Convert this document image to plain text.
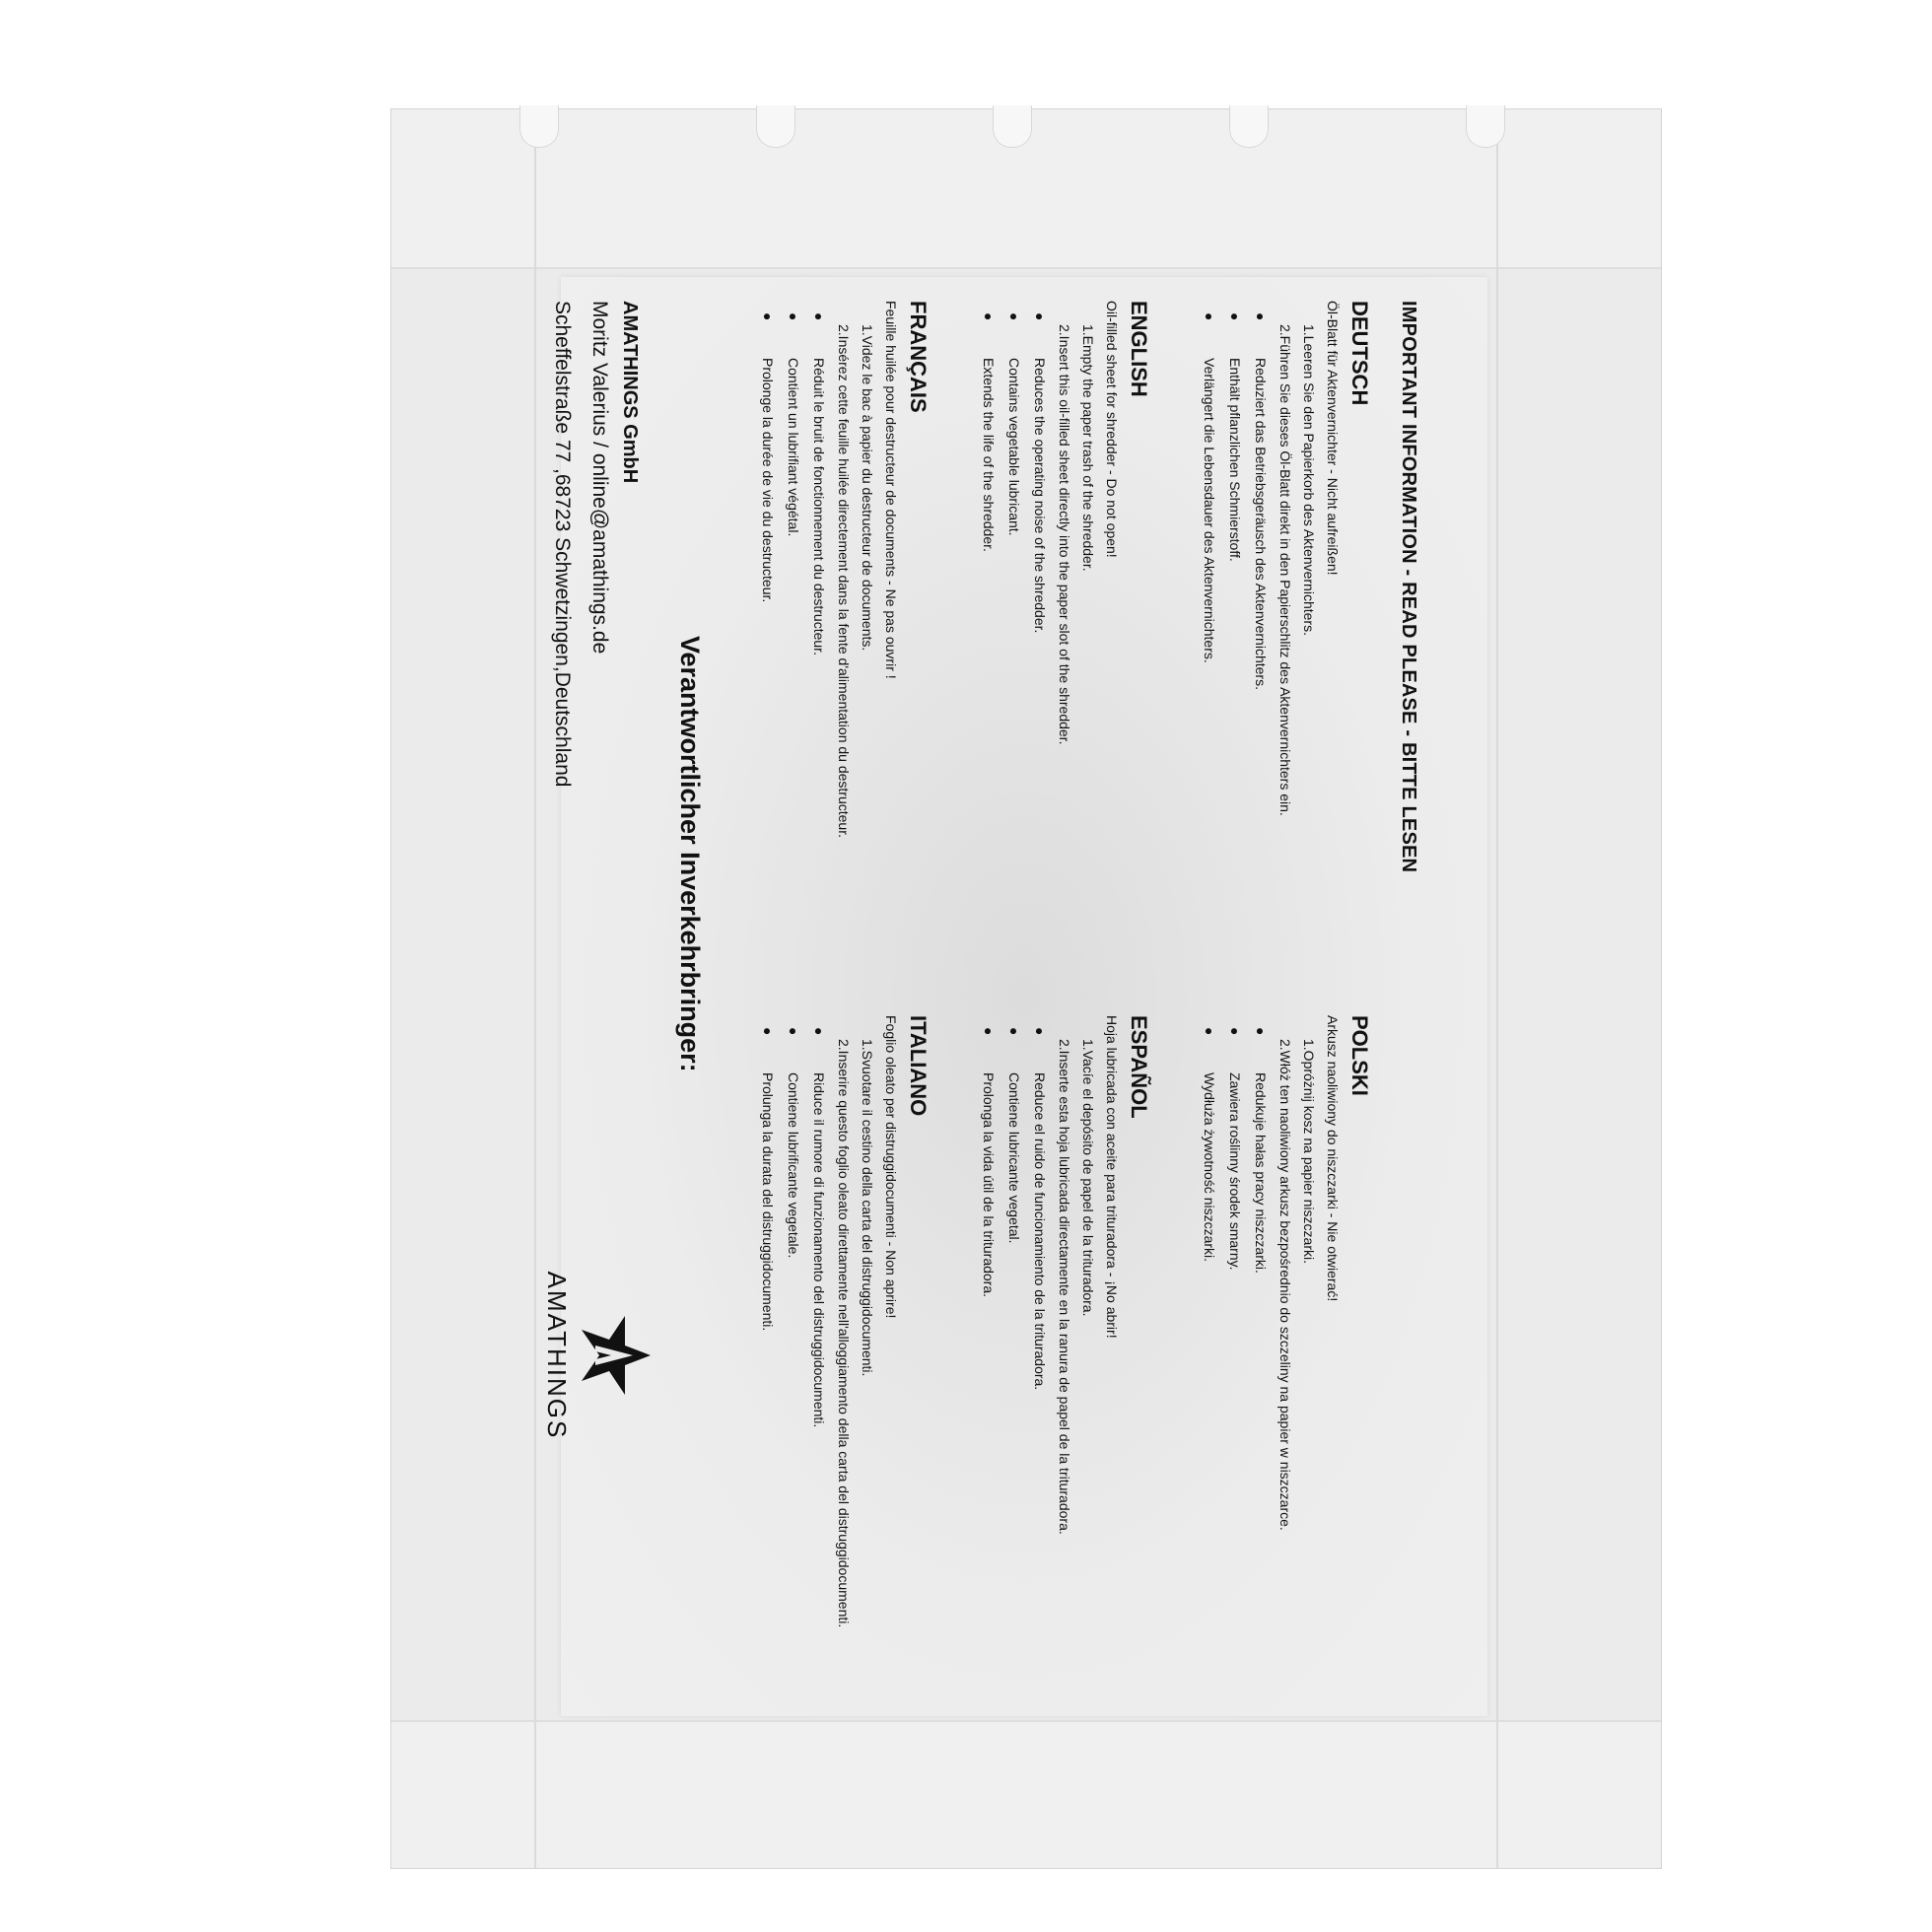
IMPORTANT INFORMATION - READ PLEASE - BITTE LESEN
DEUTSCH
Öl-Blatt für Aktenvernichter - Nicht aufreißen!
1.Leeren Sie den Papierkorb des Aktenvernichters.
2.Führen Sie dieses Öl-Blatt direkt in den Papierschlitz des Aktenvernichters ein.
● Reduziert das Betriebsgeräusch des Aktenvernichters.
● Enthält pflanzlichen Schmierstoff.
● Verlängert die Lebensdauer des Aktenvernichters.
ENGLISH
Oil-filled sheet for shredder - Do not open!
1.Empty the paper trash of the shredder.
2.Insert this oil-filled sheet directly into the paper slot of the shredder.
● Reduces the operating noise of the shredder.
● Contains vegetable lubricant.
● Extends the life of the shredder.
FRANÇAIS
Feuille huilée pour destructeur de documents - Ne pas ouvrir !
1.Videz le bac à papier du destructeur de documents.
2.Insérez cette feuille huilée directement dans la fente d'alimentation du destructeur.
● Réduit le bruit de fonctionnement du destructeur.
● Contient un lubrifiant végétal.
● Prolonge la durée de vie du destructeur.
POLSKI
Arkusz naoliwiony do niszczarki - Nie otwierać!
1.Opróżnij kosz na papier niszczarki.
2.Włóż ten naoliwiony arkusz bezpośrednio do szczeliny na papier w niszczarce.
● Redukuje hałas pracy niszczarki.
● Zawiera roślinny środek smarny.
● Wydłuża żywotność niszczarki.
ESPAÑOL
Hoja lubricada con aceite para trituradora - ¡No abrir!
1.Vacíe el depósito de papel de la trituradora.
2.Inserte esta hoja lubricada directamente en la ranura de papel de la trituradora.
● Reduce el ruido de funcionamiento de la trituradora.
● Contiene lubricante vegetal.
● Prolonga la vida útil de la trituradora.
ITALIANO
Foglio oleato per distruggidocumenti - Non aprire!
1.Svuotare il cestino della carta del distruggidocumenti.
2.Inserire questo foglio oleato direttamente nell'alloggiamento della carta del distruggidocumenti.
● Riduce il rumore di funzionamento del distruggidocumenti.
● Contiene lubrificante vegetale.
● Prolunga la durata del distruggidocumenti.
Verantwortlicher Inverkehrbringer:
AMATHINGS GmbH
Moritz Valerius / online@amathings.de
Scheffelstraße 77 ,68723 Schwetzingen,Deutschland
AMATHINGS
